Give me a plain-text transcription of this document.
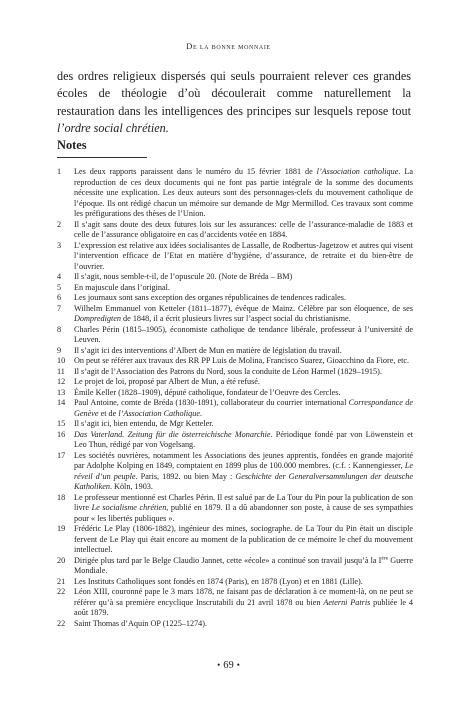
De la bonne monnaie
des ordres religieux dispersés qui seuls pourraient relever ces grandes écoles de théologie d’où découlerait comme naturellement la restauration dans les intelligences des principes sur lesquels repose tout l’ordre social chrétien.
Notes
1	Les deux rapports paraissent dans le numéro du 15 février 1881 de l’Association catholique. La reproduction de ces deux documents qui ne font pas partie intégrale de la somme des documents nécessite une explication. Les deux auteurs sont des personnages-clefs du mouvement catholique de l’époque. Ils ont rédigé chacun un mémoire sur demande de Mgr Mermillod. Ces travaux sont comme les préfigurations des thèses de l’Union.
2	Il s’agit sans doute des deux futures lois sur les assurances: celle de l’assurance-maladie de 1883 et celle de l’assurance obligatoire en cas d’accidents votée en 1884.
3	L’expression est relative aux idées socialisantes de Lassalle, de Rodbertus-Jagetzow et autres qui visent l’intervention efficace de l’Etat en matière d’hygiène, d’assurance, de retraite et du bien-être de l’ouvrier.
4	Il s’agit, nous semble-t-il, de l’opuscule 20. (Note de Bréda – BM)
5	En majuscule dans l’original.
6	Les journaux sont sans exception des organes républicaines de tendences radicales.
7	Wilhelm Emmanuel von Ketteler (1811–1877), évêque de Mainz. Célèbre par son éloquence, de ses Dompredigten de 1848, il a écrit plusieurs livres sur l’aspect social du christianisme.
8	Charles Périn (1815–1905), économiste catholique de tendance libérale, professeur à l’université de Leuven.
9	Il s’agit ici des interventions d’Albert de Mun en matière de législation du travail.
10	On peut se référer aux travaux des RR PP Luis de Molina, Francisco Suarez, Gioacchino da Fiore, etc.
11	Il s’agit de l’Association des Patrons du Nord, sous la conduite de Léon Harmel (1829–1915).
12	Le projet de loi, proposé par Albert de Mun, a été refusé.
13	Émile Keller (1828–1909), député catholique, fondateur de l’Oeuvre des Cercles.
14	Paul Antoine, comte de Bréda (1830-1891), collaborateur du courrier international Correspondance de Genève et de l’Association Catholique.
15	Il s’agit ici, bien entendu, de Mgr Ketteler.
16	Das Vaterland. Zeitung für die österreichische Monarchie. Périodique fondé par von Löwenstein et Leo Thun, rédigé par von Vogelsang.
17	Les sociétés ouvrières, notamment les Associations des jeunes apprentis, fondées en grande majorité par Adolphe Kolping en 1849, comptaient en 1899 plus de 100.000 membres. (c.f. : Kannengiesser, Le réveil d’un peuple. Paris, 1892. ou bien May : Geschichte der Generalversammlungen der deutsche Katholiken. Köln, 1903.
18	Le professeur mentionné est Charles Périn. Il est salué par de La Tour du Pin pour la publication de son livre Le socialisme chrétien, publié en 1879. Il a dû abandonner son poste, à cause de ses sympathies pour « les libertés publiques ».
19	Frédéric Le Play (1806-1882), ingénieur des mines, sociographe. de La Tour du Pin était un disciple fervent de Le Play qui était encore au moment de la publication de ce mémoire le chef du mouvement intellectuel.
20	Dirigée plus tard par le Belge Claudio Jannet, cette «école» a continué son travail jusqu’à la Ière Guerre Mondiale.
21	Les Instituts Catholiques sont fondés en 1874 (Paris), en 1878 (Lyon) et en 1881 (Lille).
22	Léon XIII, couronné pape le 3 mars 1878, ne faisant pas de déclaration à ce moment-là, on ne peut se référer qu’à sa première encyclique Inscrutabili du 21 avril 1878 ou bien Aeterni Patris publiée le 4 août 1879.
22	Saint Thomas d’Aquin OP (1225–1274).
• 69 •
